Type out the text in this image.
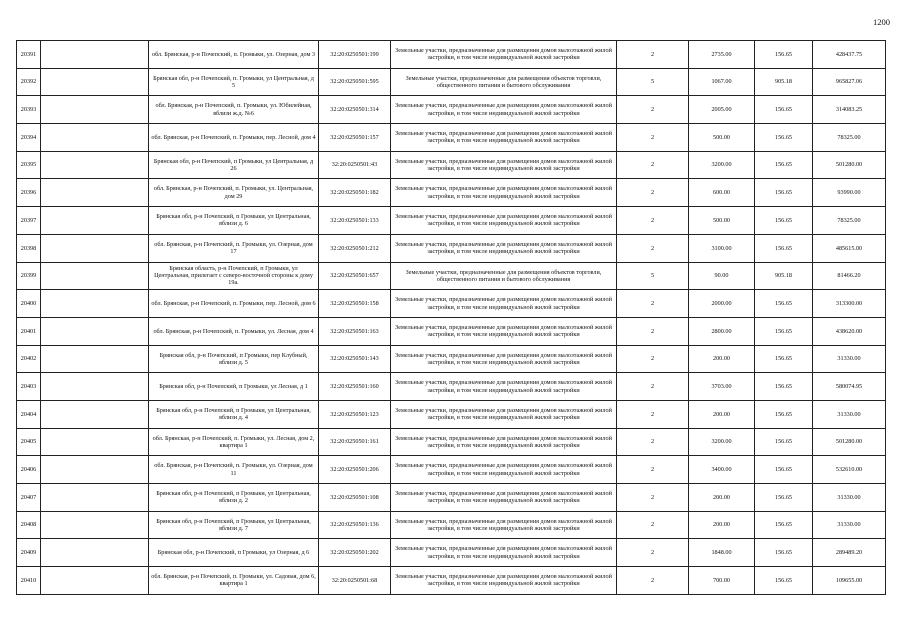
1200
20391		обл. Брянская, р-н Почепский, п. Громыки, ул. Озерная, дом 3	32:20:0250501:199	Земельные участки, предназначенные для размещения домов малоэтажной жилой застройки, в том числе индивидуальной жилой застройки	2	2735.00	156.65	428437.75
20392		Брянская обл, р-н Почепский, п. Громыки, ул Центральная, д 5	32:20:0250501:595	Земельные участки, предназначенные для размещения объектов торговли, общественного питания и бытового обслуживания	5	1067.00	905.18	965827.06
20393		обл. Брянская, р-н Почепский, п. Громыки, ул. Юбилейная, вблизи ж.д. №6	32:20:0250501:314	Земельные участки, предназначенные для размещения домов малоэтажной жилой застройки, в том числе индивидуальной жилой застройки	2	2005.00	156.65	314083.25
20394		обл. Брянская, р-н Почепский, п. Громыки, пер. Лесной, дом 4	32:20:0250501:157	Земельные участки, предназначенные для размещения домов малоэтажной жилой застройки, в том числе индивидуальной жилой застройки	2	500.00	156.65	78325.00
20395		Брянская обл, р-н Почепский, п Громыки, ул Центральная, д 26	32:20:0250501:43	Земельные участки, предназначенные для размещения домов малоэтажной жилой застройки, в том числе индивидуальной жилой застройки	2	3200.00	156.65	501280.00
20396		обл. Брянская, р-н Почепский, п. Громыки, ул. Центральная, дом 29	32:20:0250501:182	Земельные участки, предназначенные для размещения домов малоэтажной жилой застройки, в том числе индивидуальной жилой застройки	2	600.00	156.65	93990.00
20397		Брянская обл, р-н Почепский, п Громыки, ул Центральная, вблизи д. 6	32:20:0250501:133	Земельные участки, предназначенные для размещения домов малоэтажной жилой застройки, в том числе индивидуальной жилой застройки	2	500.00	156.65	78325.00
20398		обл. Брянская, р-н Почепский, п. Громыки, ул. Озерная, дом 17	32:20:0250501:212	Земельные участки, предназначенные для размещения домов малоэтажной жилой застройки, в том числе индивидуальной жилой застройки	2	3100.00	156.65	485615.00
20399		Брянская область, р-н Почепский, п Громыки, ул Центральная, прилегает с северо-восточной стороны к дому 19а.	32:20:0250501:657	Земельные участки, предназначенные для размещения объектов торговли, общественного питания и бытового обслуживания	5	90.00	905.18	81466.20
20400		обл. Брянская, р-н Почепский, п. Громыки, пер. Лесной, дом 6	32:20:0250501:158	Земельные участки, предназначенные для размещения домов малоэтажной жилой застройки, в том числе индивидуальной жилой застройки	2	2000.00	156.65	313300.00
20401		обл. Брянская, р-н Почепский, п. Громыки, ул. Лесная, дом 4	32:20:0250501:163	Земельные участки, предназначенные для размещения домов малоэтажной жилой застройки, в том числе индивидуальной жилой застройки	2	2800.00	156.65	438620.00
20402		Брянская обл, р-н Почепский, п Громыки, пер Клубный, вблизи д. 5	32:20:0250501:143	Земельные участки, предназначенные для размещения домов малоэтажной жилой застройки, в том числе индивидуальной жилой застройки	2	200.00	156.65	31330.00
20403		Брянская обл, р-н Почепский, п Громыки, ул Лесная, д 1	32:20:0250501:160	Земельные участки, предназначенные для размещения домов малоэтажной жилой застройки, в том числе индивидуальной жилой застройки	2	3703.00	156.65	580074.95
20404		Брянская обл, р-н Почепский, п Громыки, ул Центральная, вблизи д. 4	32:20:0250501:123	Земельные участки, предназначенные для размещения домов малоэтажной жилой застройки, в том числе индивидуальной жилой застройки	2	200.00	156.65	31330.00
20405		обл. Брянская, р-н Почепский, п. Громыки, ул. Лесная, дом 2, квартира 1	32:20:0250501:161	Земельные участки, предназначенные для размещения домов малоэтажной жилой застройки, в том числе индивидуальной жилой застройки	2	3200.00	156.65	501280.00
20406		обл. Брянская, р-н Почепский, п. Громыки, ул. Озерная, дом 11	32:20:0250501:206	Земельные участки, предназначенные для размещения домов малоэтажной жилой застройки, в том числе индивидуальной жилой застройки	2	3400.00	156.65	532610.00
20407		Брянская обл, р-н Почепский, п Громыки, ул Центральная, вблизи д. 2	32:20:0250501:108	Земельные участки, предназначенные для размещения домов малоэтажной жилой застройки, в том числе индивидуальной жилой застройки	2	200.00	156.65	31330.00
20408		Брянская обл, р-н Почепский, п Громыки, ул Центральная, вблизи д. 7	32:20:0250501:136	Земельные участки, предназначенные для размещения домов малоэтажной жилой застройки, в том числе индивидуальной жилой застройки	2	200.00	156.65	31330.00
20409		Брянская обл, р-н Почепский, п Громыки, ул Озерная, д 6	32:20:0250501:202	Земельные участки, предназначенные для размещения домов малоэтажной жилой застройки, в том числе индивидуальной жилой застройки	2	1848.00	156.65	289489.20
20410		обл. Брянская, р-н Почепский, п. Громыки, ул. Садовая, дом 6, квартира 1	32:20:0250501:68	Земельные участки, предназначенные для размещения домов малоэтажной жилой застройки, в том числе индивидуальной жилой застройки	2	700.00	156.65	109655.00
